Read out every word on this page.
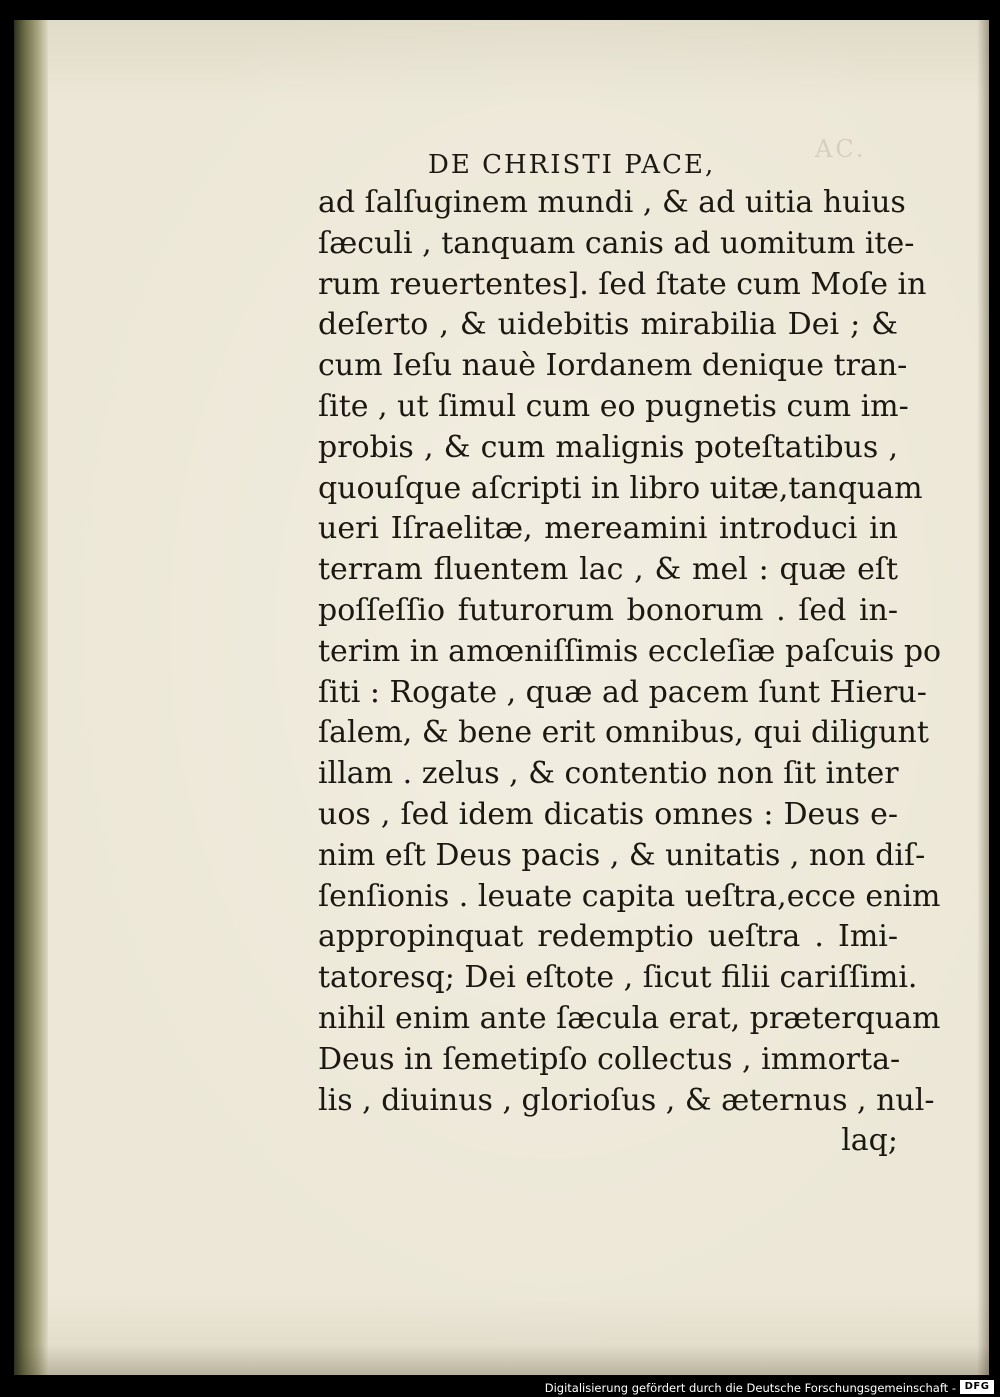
AC.
DE CHRISTI PACE,
ad ſalſuginem mundi , & ad uitia huius
ſæculi , tanquam canis ad uomitum ite-
rum reuertentes]. ſed ſtate cum Moſe in
deſerto , & uidebitis mirabilia Dei ; &
cum Ieſu nauè Iordanem denique tran-
ſite , ut ſimul cum eo pugnetis cum im-
probis , & cum malignis poteſtatibus ,
quouſque aſcripti in libro uitæ,tanquam
ueri Iſraelitæ, mereamini introduci in
terram fluentem lac , & mel : quæ eſt
poſſeſſio futurorum bonorum . ſed in-
terim in amœniſſimis eccleſiæ paſcuis po
ſiti : Rogate , quæ ad pacem ſunt Hieru-
ſalem, & bene erit omnibus, qui diligunt
illam . zelus , & contentio non ſit inter
uos , ſed idem dicatis omnes : Deus e-
nim eſt Deus pacis , & unitatis , non diſ-
ſenſionis . leuate capita ueſtra,ecce enim
appropinquat redemptio ueſtra . Imi-
tatoresq; Dei eſtote , ſicut filii cariſſimi.
nihil enim ante ſæcula erat, præterquam
Deus in ſemetipſo collectus , immorta-
lis , diuinus , glorioſus , & æternus , nul-
laq;
Digitalisierung gefördert durch die Deutsche Forschungsgemeinschaft - DFG
